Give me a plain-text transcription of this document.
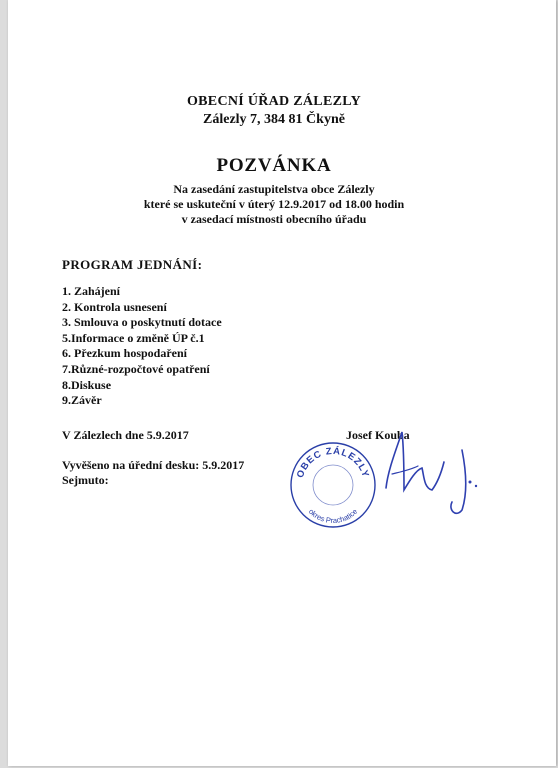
OBECNÍ ÚŘAD ZÁLEZLY
Zálezly 7, 384 81 Čkyně
POZVÁNKA
Na zasedání zastupitelstva obce Zálezly
které se uskuteční v úterý 12.9.2017 od 18.00 hodin
v zasedací místnosti obecního úřadu
PROGRAM JEDNÁNÍ:
1. Zahájení
2. Kontrola usnesení
3. Smlouva o poskytnutí dotace
5.Informace o změně ÚP č.1
6. Přezkum hospodaření
7.Různé-rozpočtové opatření
8.Diskuse
9.Závěr
V Zálezlech dne 5.9.2017	Josef Kouba
Vyvěšeno na úřední desku: 5.9.2017
Sejmuto:	OBEC ZÁLEZLY
okres Prachatice
